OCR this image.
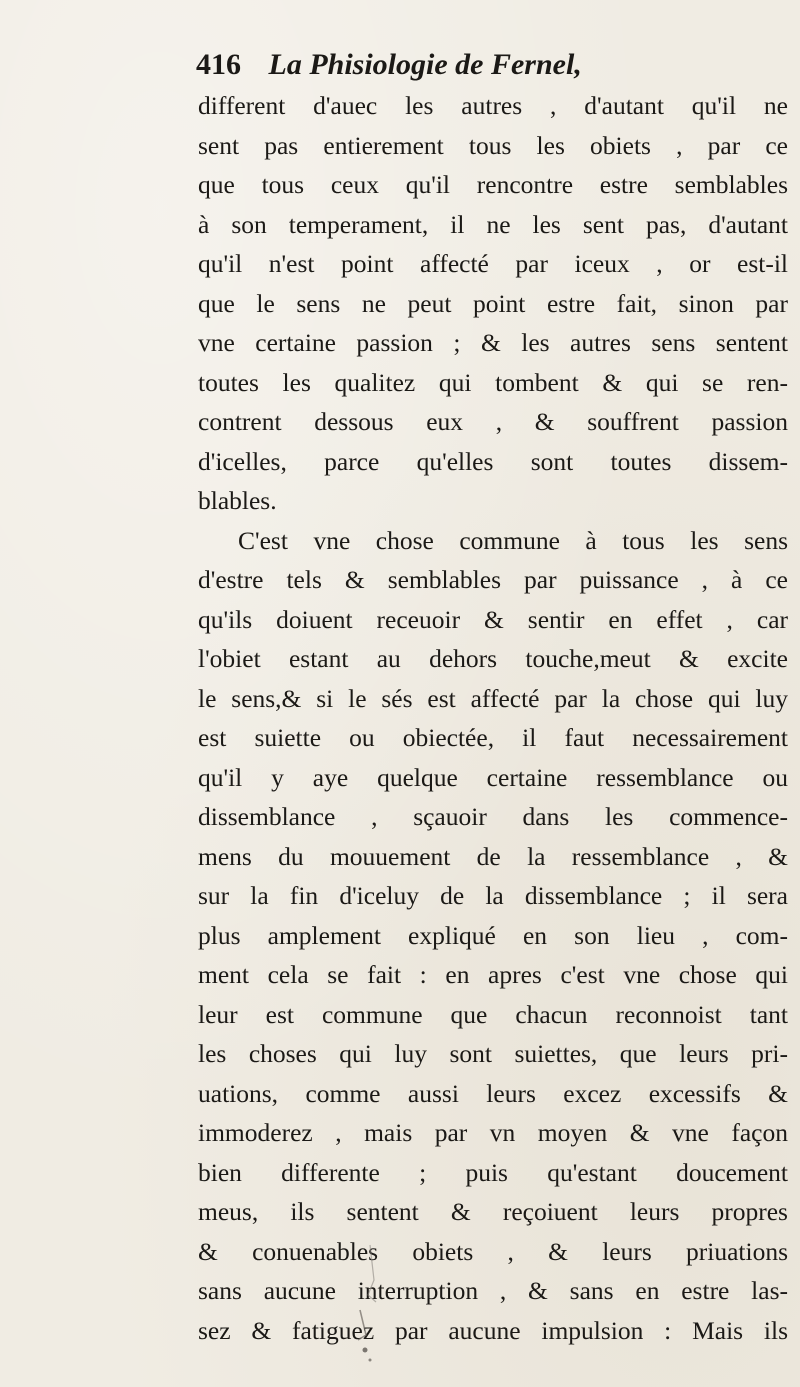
416 La Phisiologie de Fernel,
different d'auec les autres , d'autant qu'il ne
sent pas entierement tous les obiets , par ce
que tous ceux qu'il rencontre estre semblables
à son temperament, il ne les sent pas, d'autant
qu'il n'est point affecté par iceux , or est-il
que le sens ne peut point estre fait, sinon par
vne certaine passion ; & les autres sens sentent
toutes les qualitez qui tombent & qui se ren-
contrent dessous eux , & souffrent passion
d'icelles, parce qu'elles sont toutes dissem-
blables.
C'est vne chose commune à tous les sens
d'estre tels & semblables par puissance , à ce
qu'ils doiuent receuoir & sentir en effet , car
l'obiet estant au dehors touche,meut & excite
le sens,& si le sés est affecté par la chose qui luy
est suiette ou obiectée, il faut necessairement
qu'il y aye quelque certaine ressemblance ou
dissemblance , sçauoir dans les commence-
mens du mouuement de la ressemblance , &
sur la fin d'iceluy de la dissemblance ; il sera
plus amplement expliqué en son lieu , com-
ment cela se fait : en apres c'est vne chose qui
leur est commune que chacun reconnoist tant
les choses qui luy sont suiettes, que leurs pri-
uations, comme aussi leurs excez excessifs &
immoderez , mais par vn moyen & vne façon
bien differente ; puis qu'estant doucement
meus, ils sentent & reçoiuent leurs propres
& conuenables obiets , & leurs priuations
sans aucune interruption , & sans en estre las-
sez & fatiguez par aucune impulsion : Mais ils
